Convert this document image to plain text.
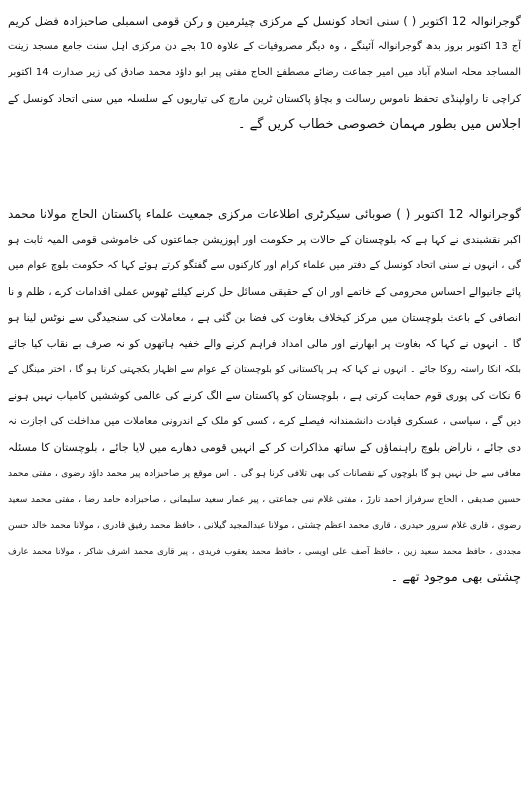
گوجرانوالہ 12 اکتوبر ( ) سنی اتحاد کونسل کے مرکزی چیئرمین و رکن قومی اسمبلی صاحبزادہ فضل کریم
آج 13 اکتوبر بروز بدھ گوجرانوالہ آئینگے ، وہ دیگر مصروفیات کے علاوہ 10 بجے دن مرکزی اہل سنت جامع مسجد زینت
المساجد محلہ اسلام آباد میں امیر جماعت رضائے مصطفےٰ الحاج مفتی پیر ابو داؤد محمد صادق کی زیر صدارت 14 اکتوبر
کراچی تا راولپنڈی تحفظ ناموس رسالت و بچاؤ پاکستان ٹرین مارچ کی تیاریوں کے سلسلہ میں سنی اتحاد کونسل کے
اجلاس میں بطور مہمان خصوصی خطاب کریں گے ۔
گوجرانوالہ 12 اکتوبر ( ) صوبائی سیکرٹری اطلاعات مرکزی جمعیت علماء پاکستان الحاج مولانا محمد
اکبر نقشبندی نے کہا ہے کہ بلوچستان کے حالات پر حکومت اور اپوزیشن جماعتوں کی خاموشی قومی المیہ ثابت ہو
گی ، انہوں نے سنی اتحاد کونسل کے دفتر میں علماء کرام اور کارکنوں سے گفتگو کرتے ہوئے کہا کہ حکومت بلوچ عوام میں
پائے جانیوالے احساس محرومی کے خاتمے اور ان کے حقیقی مسائل حل کرنے کیلئے ٹھوس عملی اقدامات کرے ، ظلم و نا
انصافی کے باعث بلوچستان میں مرکز کیخلاف بغاوت کی فضا بن گئی ہے ، معاملات کی سنجیدگی سے نوٹس لینا ہو
گا ۔ انہوں نے کہا کہ بغاوت پر ابھارنے اور مالی امداد فراہم کرنے والے خفیہ ہاتھوں کو نہ صرف بے نقاب کیا جائے
بلکہ انکا راستہ روکا جائے ۔ انہوں نے کہا کہ ہر پاکستانی کو بلوچستان کے عوام سے اظہار یکجہتی کرنا ہو گا ، اختر مینگل کے
6 نکات کی پوری قوم حمایت کرتی ہے ، بلوچستان کو پاکستان سے الگ کرنے کی عالمی کوششیں کامیاب نہیں ہونے
دیں گے ، سیاسی ، عسکری قیادت دانشمندانہ فیصلے کرے ، کسی کو ملک کے اندرونی معاملات میں مداخلت کی اجازت نہ
دی جائے ، ناراض بلوچ راہنماؤں کے ساتھ مذاکرات کر کے انہیں قومی دھارے میں لایا جائے ، بلوچستان کا مسئلہ
معافی سے حل نہیں ہو گا بلوچوں کے نقصانات کی بھی تلافی کرنا ہو گی ۔ اس موقع پر صاحبزادہ پیر محمد داؤد رضوی ، مفتی محمد
حسین صدیقی ، الحاج سرفراز احمد تارڑ ، مفتی غلام نبی جماعتی ، پیر عمار سعید سلیمانی ، صاحبزادہ حامد رضا ، مفتی محمد سعید
رضوی ، قاری غلام سرور حیدری ، قاری محمد اعظم چشتی ، مولانا عبدالمجید گیلانی ، حافظ محمد رفیق قادری ، مولانا محمد خالد حسن
مجددی ، حافظ محمد سعید زین ، حافظ آصف علی اویسی ، حافظ محمد یعقوب فریدی ، پیر قاری محمد اشرف شاکر ، مولانا محمد عارف
چشتی بھی موجود تھے ۔
